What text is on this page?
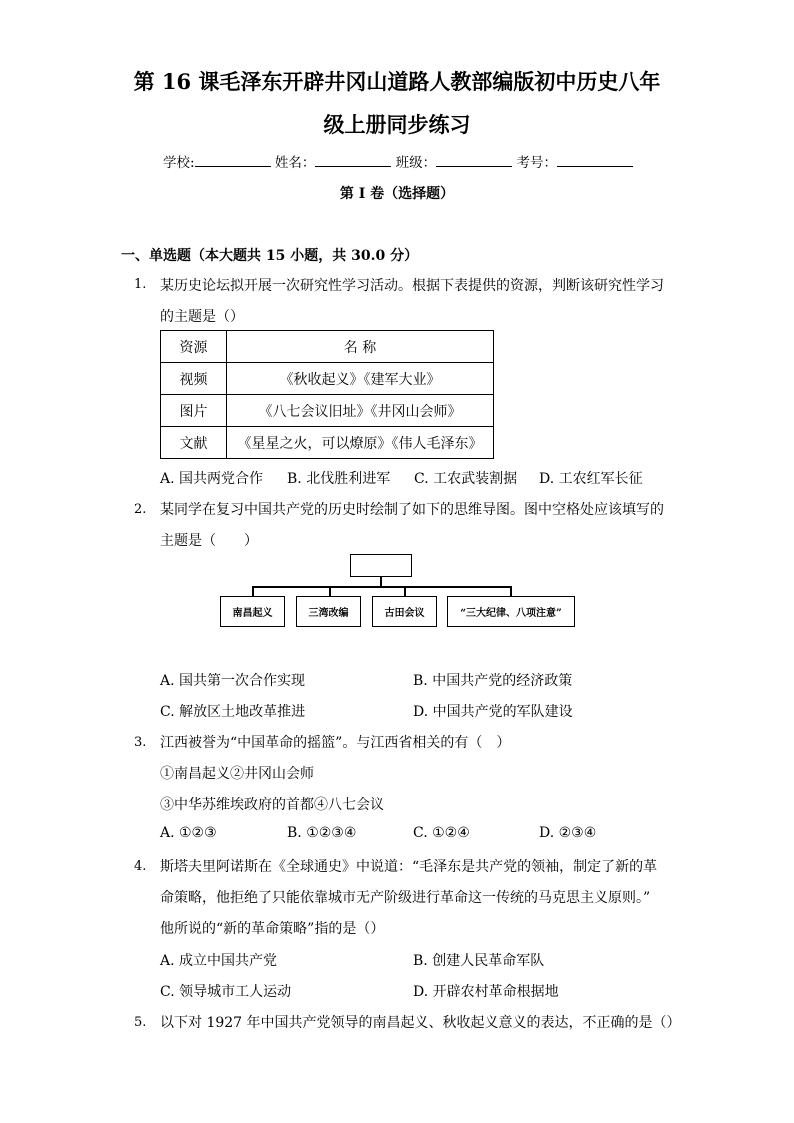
第 16 课毛泽东开辟井冈山道路人教部编版初中历史八年
级上册同步练习
学校:	姓名：	班级：	考号：
第 I 卷（选择题）
一、单选题（本大题共 15 小题，共 30.0 分）
1. 某历史论坛拟开展一次研究性学习活动。根据下表提供的资源，判断该研究性学习
的主题是（）
资源	名 称
视频	《秋收起义》《建军大业》
图片	《八七会议旧址》《井冈山会师》
文献	《星星之火，可以燎原》《伟人毛泽东》
A. 国共两党合作 B. 北伐胜利进军 C. 工农武装割据 D. 工农红军长征
2. 某同学在复习中国共产党的历史时绘制了如下的思维导图。图中空格处应该填写的
主题是（　　）
南昌起义	三湾改编	古田会议	“三大纪律、八项注意”
A. 国共第一次合作实现	B. 中国共产党的经济政策
C. 解放区土地改革推进	D. 中国共产党的军队建设
3. 江西被誉为“中国革命的摇篮”。与江西省相关的有（　）
①南昌起义②井冈山会师
③中华苏维埃政府的首都④八七会议
A. ①②③	B. ①②③④	C. ①②④	D. ②③④
4. 斯塔夫里阿诺斯在《全球通史》中说道：“毛泽东是共产党的领袖，制定了新的革
命策略，他拒绝了只能依靠城市无产阶级进行革命这一传统的马克思主义原则。”
他所说的“新的革命策略”指的是（）
A. 成立中国共产党	B. 创建人民革命军队
C. 领导城市工人运动	D. 开辟农村革命根据地
5. 以下对 1927 年中国共产党领导的南昌起义、秋收起义意义的表达，不正确的是（）
